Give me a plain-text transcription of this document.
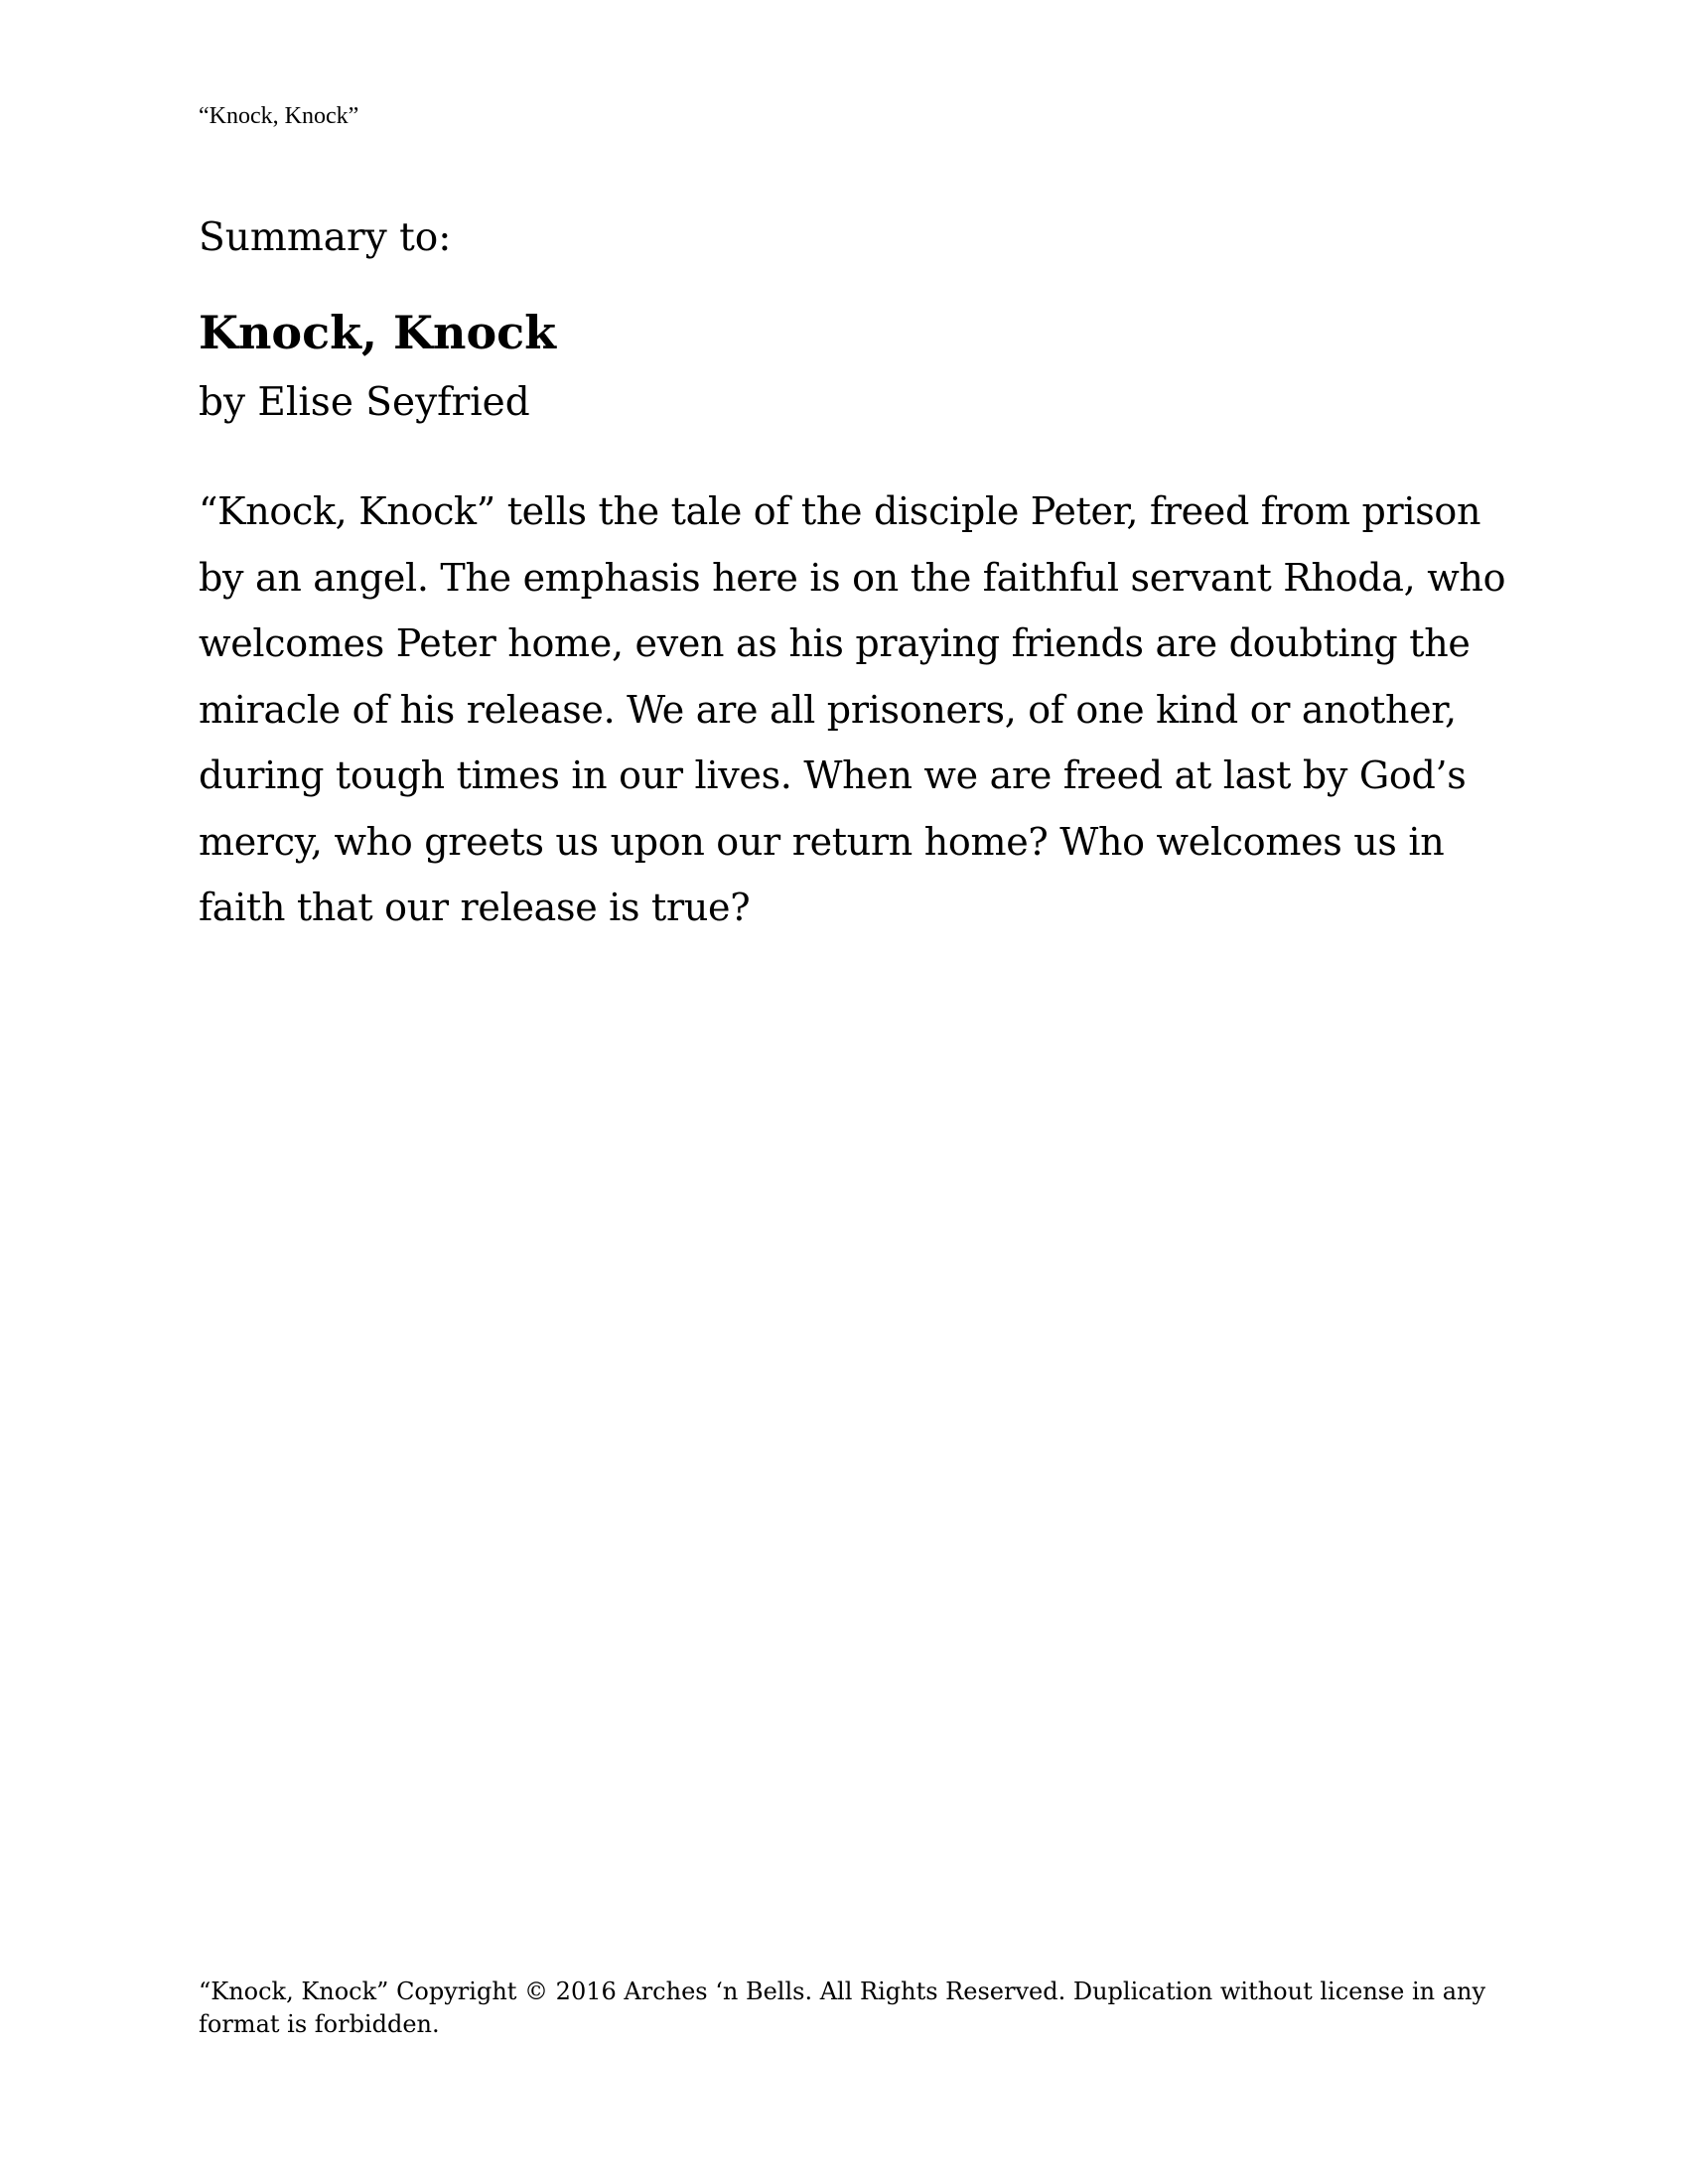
“Knock, Knock”
Summary to:
Knock, Knock
by Elise Seyfried
“Knock, Knock” tells the tale of the disciple Peter, freed from prison
by an angel. The emphasis here is on the faithful servant Rhoda, who
welcomes Peter home, even as his praying friends are doubting the
miracle of his release. We are all prisoners, of one kind or another,
during tough times in our lives. When we are freed at last by God’s
mercy, who greets us upon our return home? Who welcomes us in
faith that our release is true?
“Knock, Knock” Copyright © 2016 Arches ‘n Bells. All Rights Reserved. Duplication without license in any
format is forbidden.
